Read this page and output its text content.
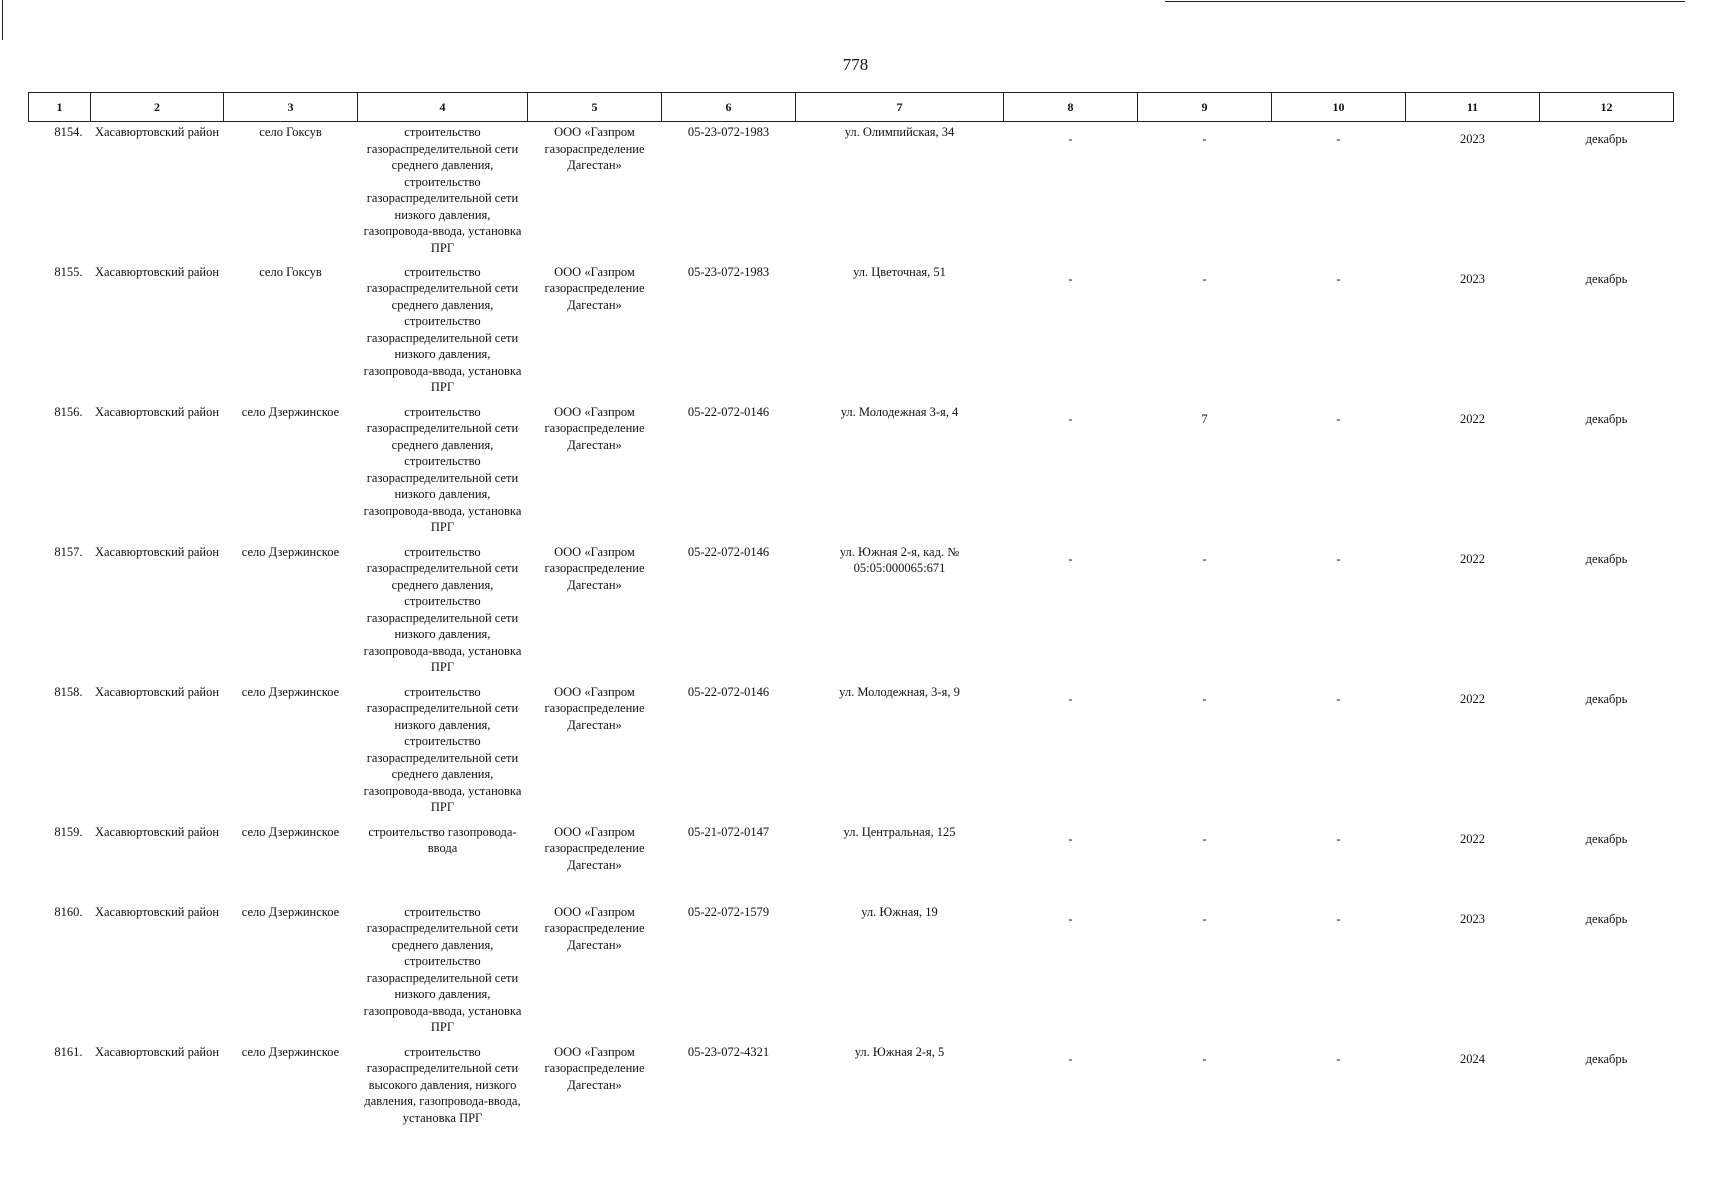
778
1	2	3	4	5	6	7	8	9	10	11	12
8154.	Хасавюртовский район	село Гоксув	строительство газораспределительной сети среднего давления, строительство газораспределительной сети низкого давления, газопровода-ввода, установка ПРГ	ООО «Газпром газораспределение Дагестан»	05-23-072-1983	ул. Олимпийская, 34	-	-	-	2023	декабрь
8155.	Хасавюртовский район	село Гоксув	строительство газораспределительной сети среднего давления, строительство газораспределительной сети низкого давления, газопровода-ввода, установка ПРГ	ООО «Газпром газораспределение Дагестан»	05-23-072-1983	ул. Цветочная, 51	-	-	-	2023	декабрь
8156.	Хасавюртовский район	село Дзержинское	строительство газораспределительной сети среднего давления, строительство газораспределительной сети низкого давления, газопровода-ввода, установка ПРГ	ООО «Газпром газораспределение Дагестан»	05-22-072-0146	ул. Молодежная 3-я, 4	-	7	-	2022	декабрь
8157.	Хасавюртовский район	село Дзержинское	строительство газораспределительной сети среднего давления, строительство газораспределительной сети низкого давления, газопровода-ввода, установка ПРГ	ООО «Газпром газораспределение Дагестан»	05-22-072-0146	ул. Южная 2-я, кад. № 05:05:000065:671	-	-	-	2022	декабрь
8158.	Хасавюртовский район	село Дзержинское	строительство газораспределительной сети низкого давления, строительство газораспределительной сети среднего давления, газопровода-ввода, установка ПРГ	ООО «Газпром газораспределение Дагестан»	05-22-072-0146	ул. Молодежная, 3-я, 9	-	-	-	2022	декабрь
8159.	Хасавюртовский район	село Дзержинское	строительство газопровода-ввода	ООО «Газпром газораспределение Дагестан»	05-21-072-0147	ул. Центральная, 125	-	-	-	2022	декабрь
8160.	Хасавюртовский район	село Дзержинское	строительство газораспределительной сети среднего давления, строительство газораспределительной сети низкого давления, газопровода-ввода, установка ПРГ	ООО «Газпром газораспределение Дагестан»	05-22-072-1579	ул. Южная, 19	-	-	-	2023	декабрь
8161.	Хасавюртовский район	село Дзержинское	строительство газораспределительной сети высокого давления, низкого давления, газопровода-ввода, установка ПРГ	ООО «Газпром газораспределение Дагестан»	05-23-072-4321	ул. Южная 2-я, 5	-	-	-	2024	декабрь
